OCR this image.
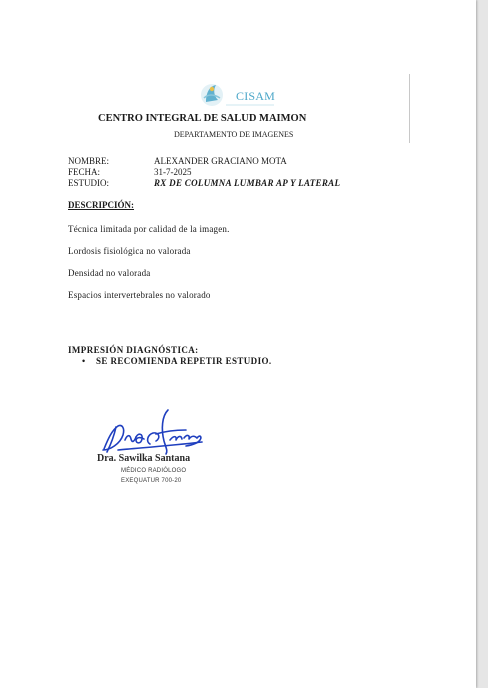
CISAM
CENTRO INTEGRAL DE SALUD MAIMON
DEPARTAMENTO DE IMAGENES
NOMBRE:	ALEXANDER GRACIANO MOTA
FECHA:	31-7-2025
ESTUDIO:	RX DE COLUMNA LUMBAR AP Y LATERAL
DESCRIPCIÓN:
Técnica limitada por calidad de la imagen.
Lordosis fisiológica no valorada
Densidad no valorada
Espacios intervertebrales no valorado
IMPRESIÓN DIAGNÓSTICA:
• SE RECOMIENDA REPETIR ESTUDIO.
Dra. Sawilka Santana
MÉDICO RADIÓLOGO
EXEQUATUR 700-20
